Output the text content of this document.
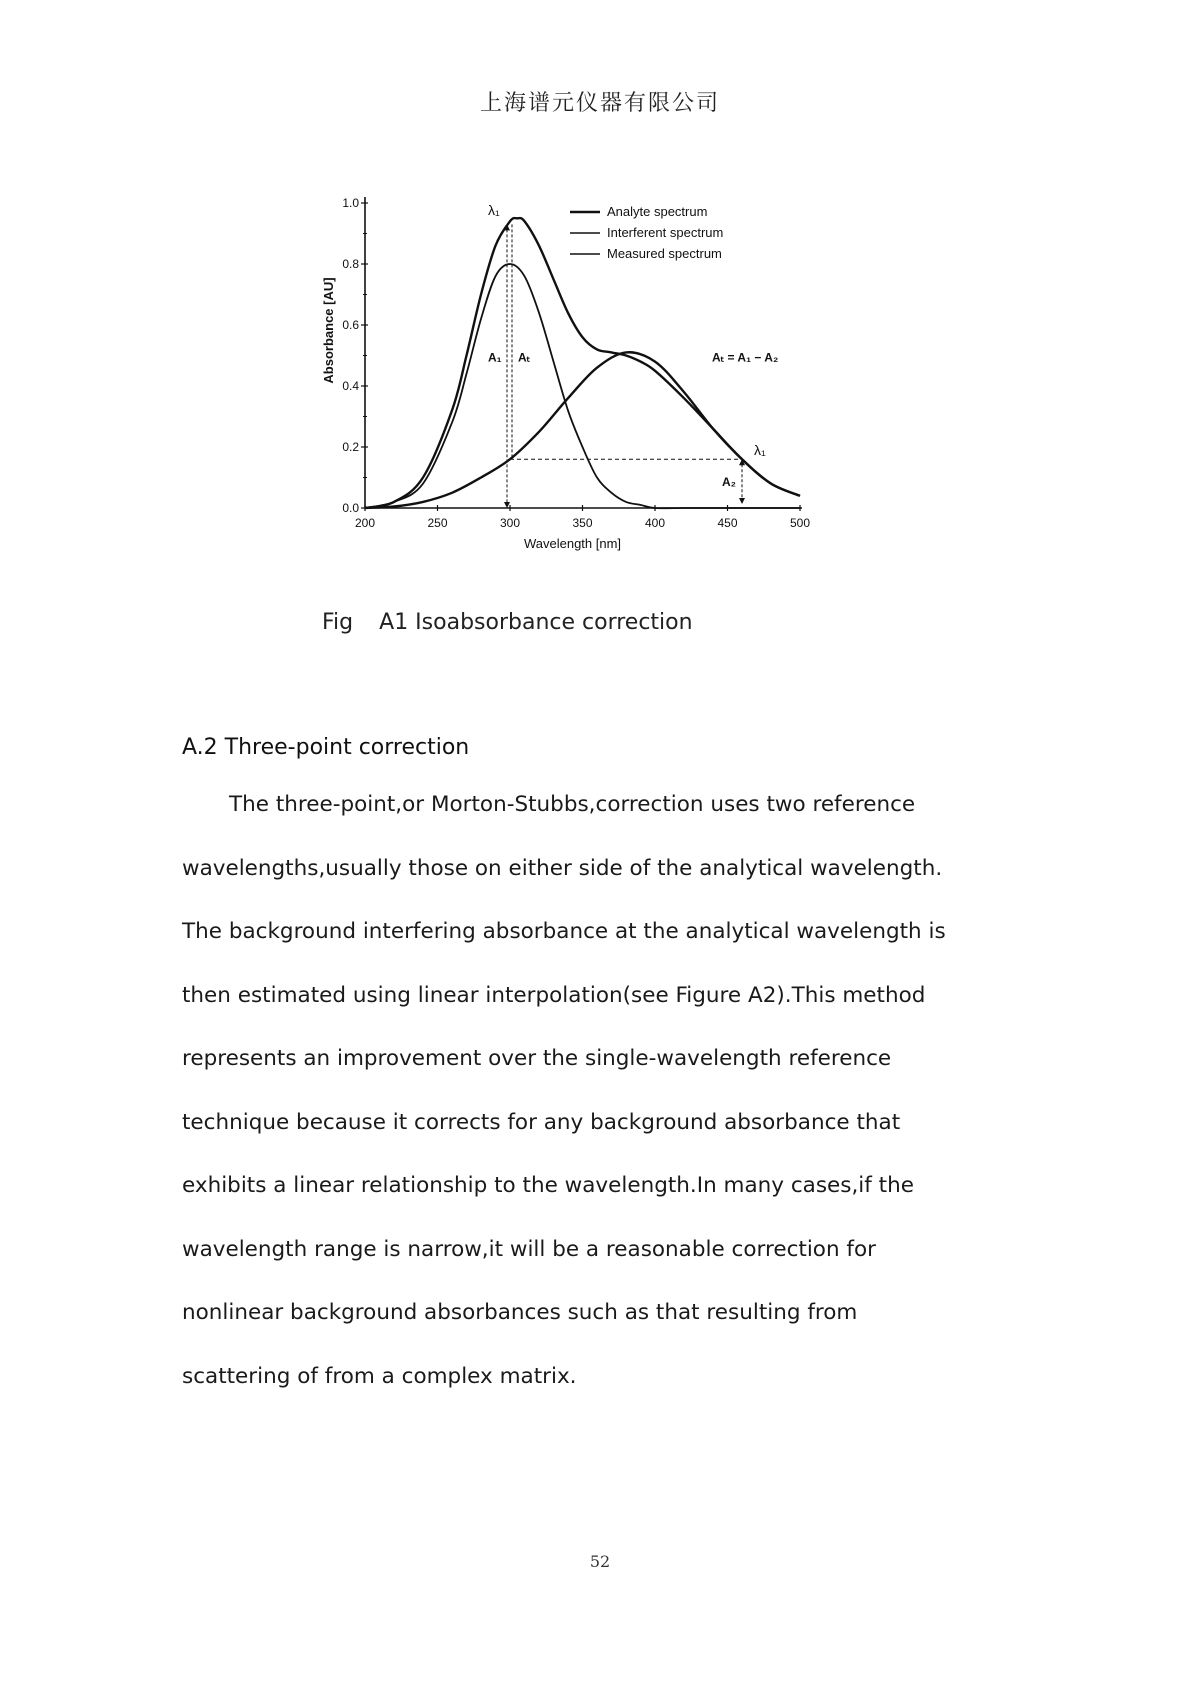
上海谱元仪器有限公司
0.0
0.2
0.4
0.6
0.8
1.0
200	250	300	350	400	450	500
Wavelength [nm]
Absorbance [AU]
Analyte spectrum
Interferent spectrum
Measured spectrum
λ₁
A₁ Aₜ	Aₜ = A₁ − A₂
λ₁
A₂
Fig A1 Isoabsorbance correction
A.2 Three-point correction
The three-point,or Morton-Stubbs,correction uses two reference
wavelengths,usually those on either side of the analytical wavelength.
The background interfering absorbance at the analytical wavelength is
then estimated using linear interpolation(see Figure A2).This method
represents an improvement over the single-wavelength reference
technique because it corrects for any background absorbance that
exhibits a linear relationship to the wavelength.In many cases,if the
wavelength range is narrow,it will be a reasonable correction for
nonlinear background absorbances such as that resulting from
scattering of from a complex matrix.
52
